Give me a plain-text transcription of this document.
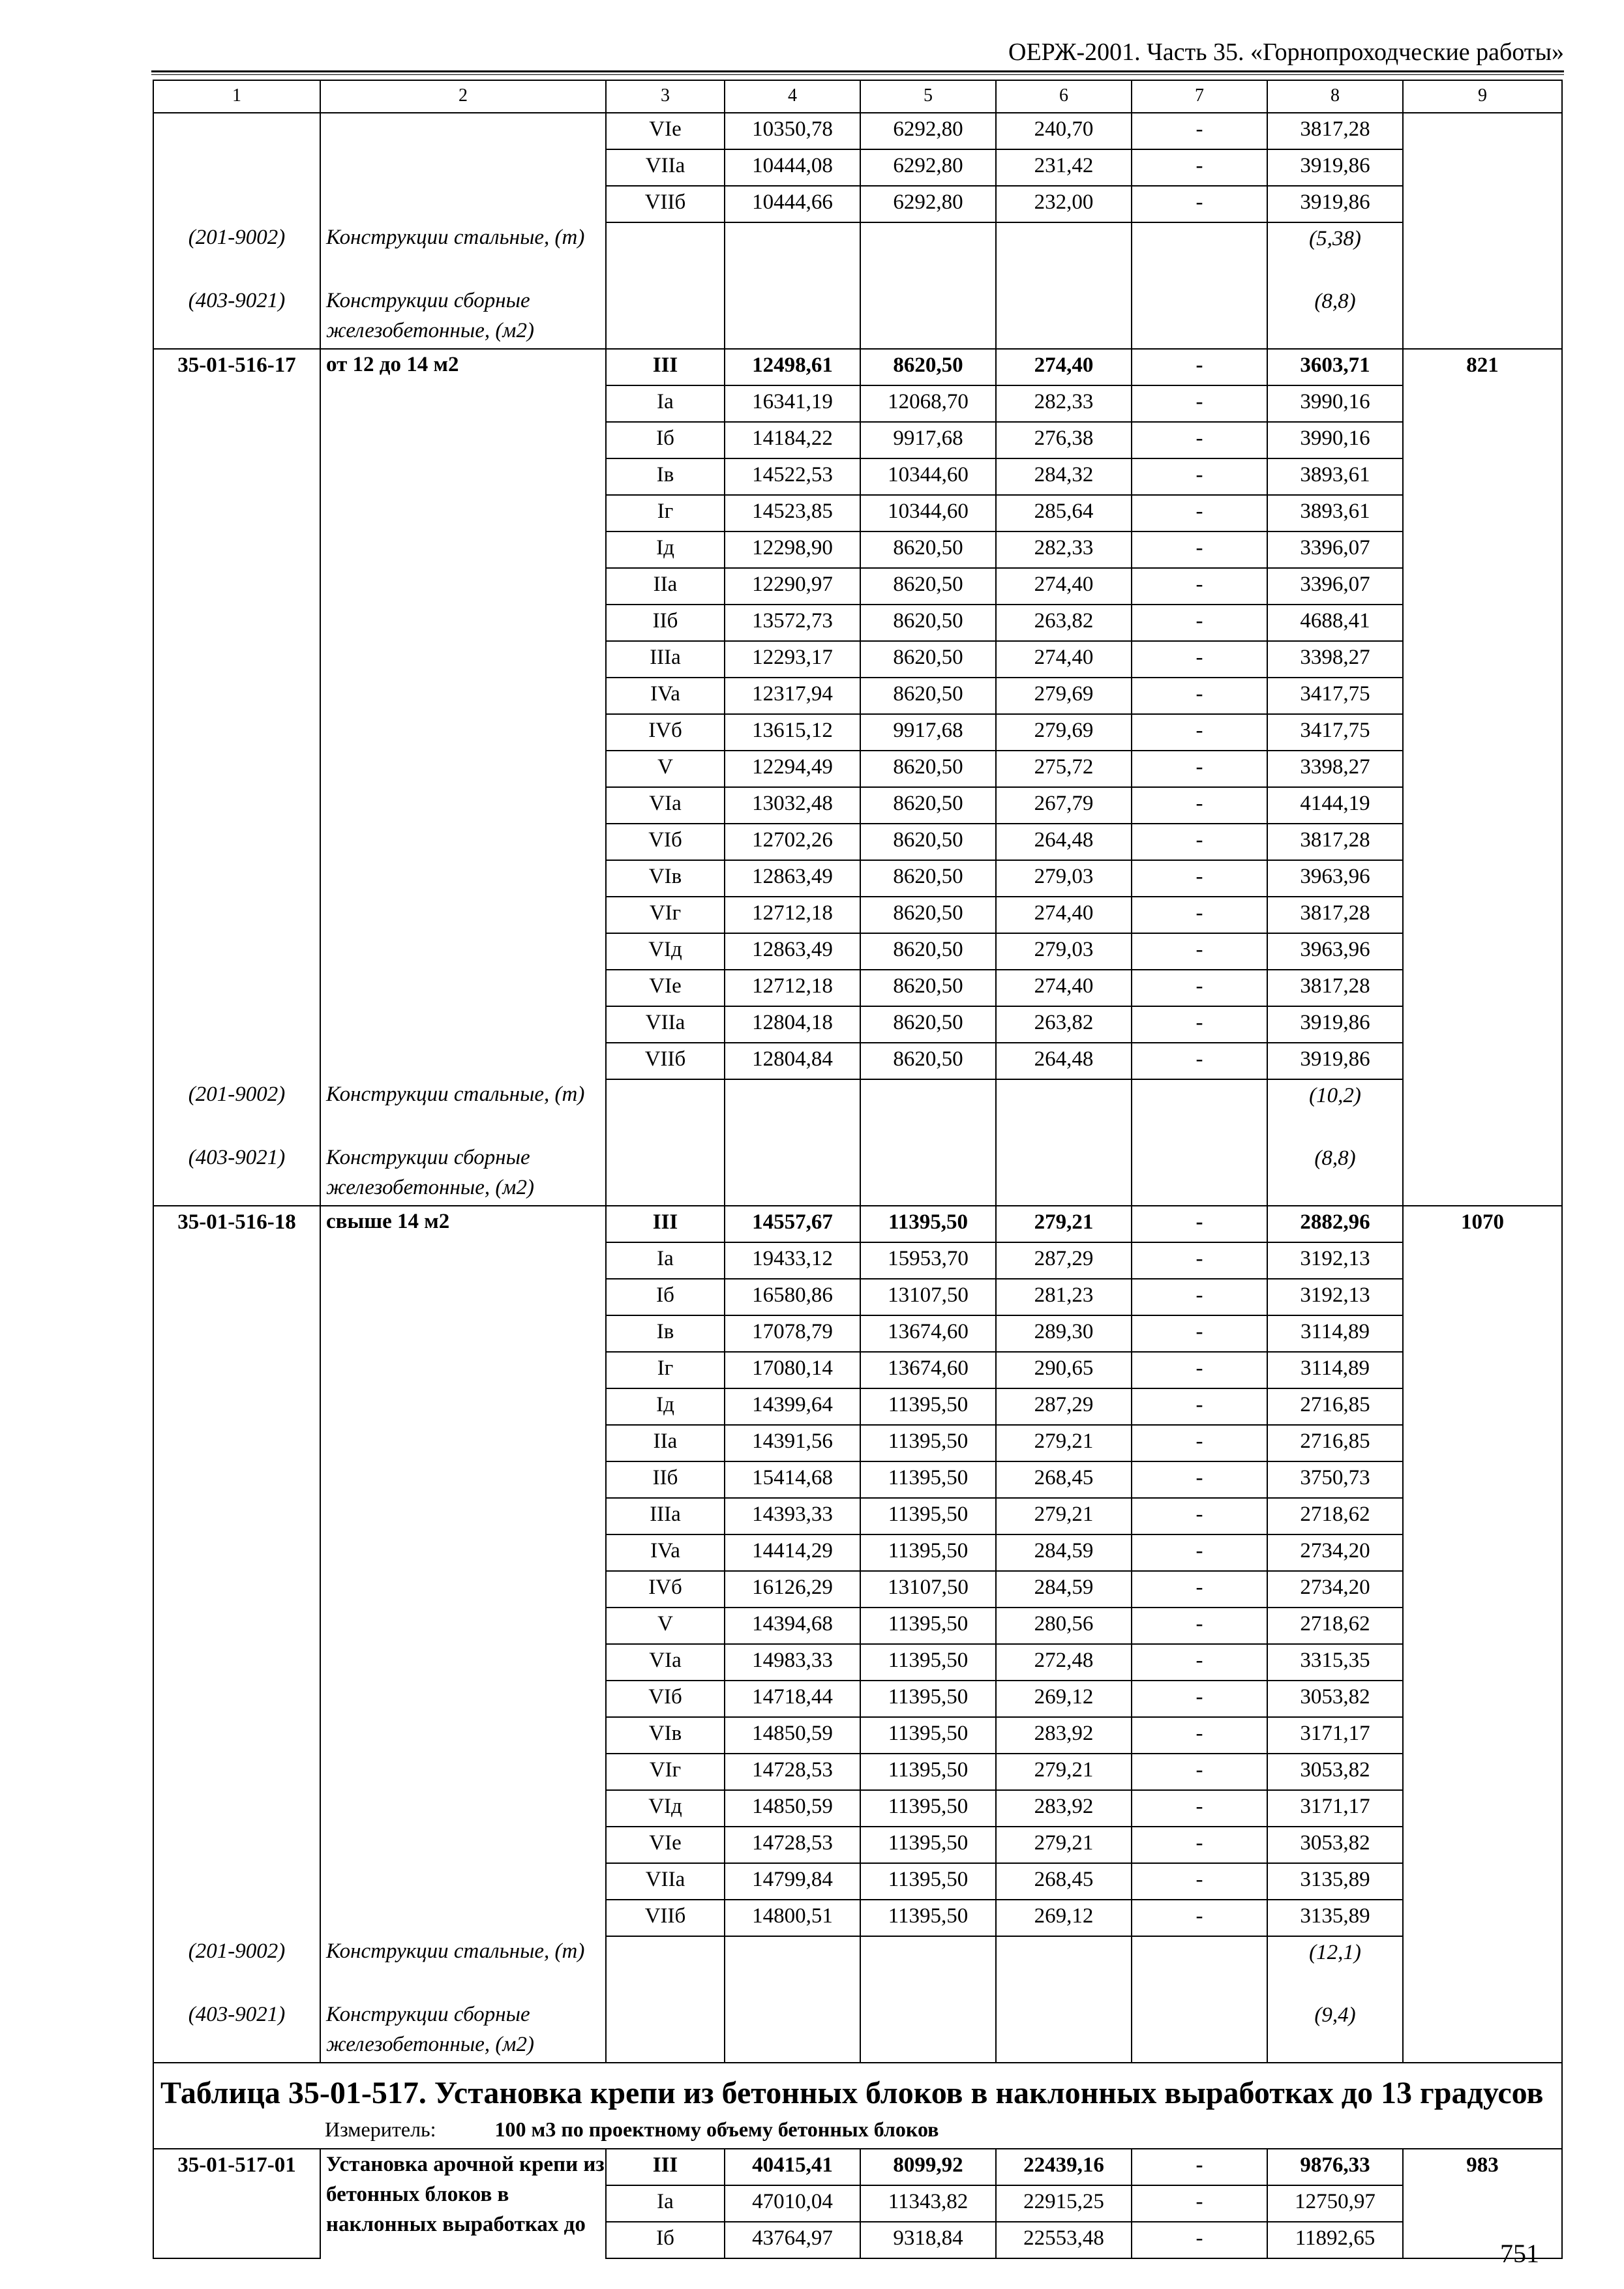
ОЕРЖ-2001. Часть 35. «Горнопроходческие работы»
1	2	3	4	5	6	7	8	9
		VIe	10350,78	6292,80	240,70	-	3817,28	
		VIIa	10444,08	6292,80	231,42	-	3919,86	
		VIIб	10444,66	6292,80	232,00	-	3919,86	

(201-9002)	Конструкции стальные, (т)						(5,38)	

(403-9021)	Конструкции сборные железобетонные, (м2)						(8,8)	
35-01-516-17	от 12 до 14 м2	III	12498,61	8620,50	274,40	-	3603,71	821
		Ia	16341,19	12068,70	282,33	-	3990,16	
		Iб	14184,22	9917,68	276,38	-	3990,16	
		Iв	14522,53	10344,60	284,32	-	3893,61	
		Iг	14523,85	10344,60	285,64	-	3893,61	
		Iд	12298,90	8620,50	282,33	-	3396,07	
		IIa	12290,97	8620,50	274,40	-	3396,07	
		IIб	13572,73	8620,50	263,82	-	4688,41	
		IIIa	12293,17	8620,50	274,40	-	3398,27	
		IVa	12317,94	8620,50	279,69	-	3417,75	
		IVб	13615,12	9917,68	279,69	-	3417,75	
		V	12294,49	8620,50	275,72	-	3398,27	
		VIa	13032,48	8620,50	267,79	-	4144,19	
		VIб	12702,26	8620,50	264,48	-	3817,28	
		VIв	12863,49	8620,50	279,03	-	3963,96	
		VIг	12712,18	8620,50	274,40	-	3817,28	
		VIд	12863,49	8620,50	279,03	-	3963,96	
		VIe	12712,18	8620,50	274,40	-	3817,28	
		VIIa	12804,18	8620,50	263,82	-	3919,86	
		VIIб	12804,84	8620,50	264,48	-	3919,86	

(201-9002)	Конструкции стальные, (т)						(10,2)	

(403-9021)	Конструкции сборные железобетонные, (м2)						(8,8)	
35-01-516-18	свыше 14 м2	III	14557,67	11395,50	279,21	-	2882,96	1070
		Ia	19433,12	15953,70	287,29	-	3192,13	
		Iб	16580,86	13107,50	281,23	-	3192,13	
		Iв	17078,79	13674,60	289,30	-	3114,89	
		Iг	17080,14	13674,60	290,65	-	3114,89	
		Iд	14399,64	11395,50	287,29	-	2716,85	
		IIa	14391,56	11395,50	279,21	-	2716,85	
		IIб	15414,68	11395,50	268,45	-	3750,73	
		IIIa	14393,33	11395,50	279,21	-	2718,62	
		IVa	14414,29	11395,50	284,59	-	2734,20	
		IVб	16126,29	13107,50	284,59	-	2734,20	
		V	14394,68	11395,50	280,56	-	2718,62	
		VIa	14983,33	11395,50	272,48	-	3315,35	
		VIб	14718,44	11395,50	269,12	-	3053,82	
		VIв	14850,59	11395,50	283,92	-	3171,17	
		VIг	14728,53	11395,50	279,21	-	3053,82	
		VIд	14850,59	11395,50	283,92	-	3171,17	
		VIe	14728,53	11395,50	279,21	-	3053,82	
		VIIa	14799,84	11395,50	268,45	-	3135,89	
		VIIб	14800,51	11395,50	269,12	-	3135,89	

(201-9002)	Конструкции стальные, (т)						(12,1)	

(403-9021)	Конструкции сборные железобетонные, (м2)						(9,4)	

Таблица 35-01-517. Установка крепи из бетонных блоков в наклонных выработках до 13 градусов
Измеритель: 100 м3 по проектному объему бетонных блоков								

35-01-517-01	Установка арочной крепи из бетонных блоков в наклонных выработках до	III	40415,41	8099,92	22439,16	-	9876,33	983
		Ia	47010,04	11343,82	22915,25	-	12750,97	
		Iб	43764,97	9318,84	22553,48	-	11892,65	
751
